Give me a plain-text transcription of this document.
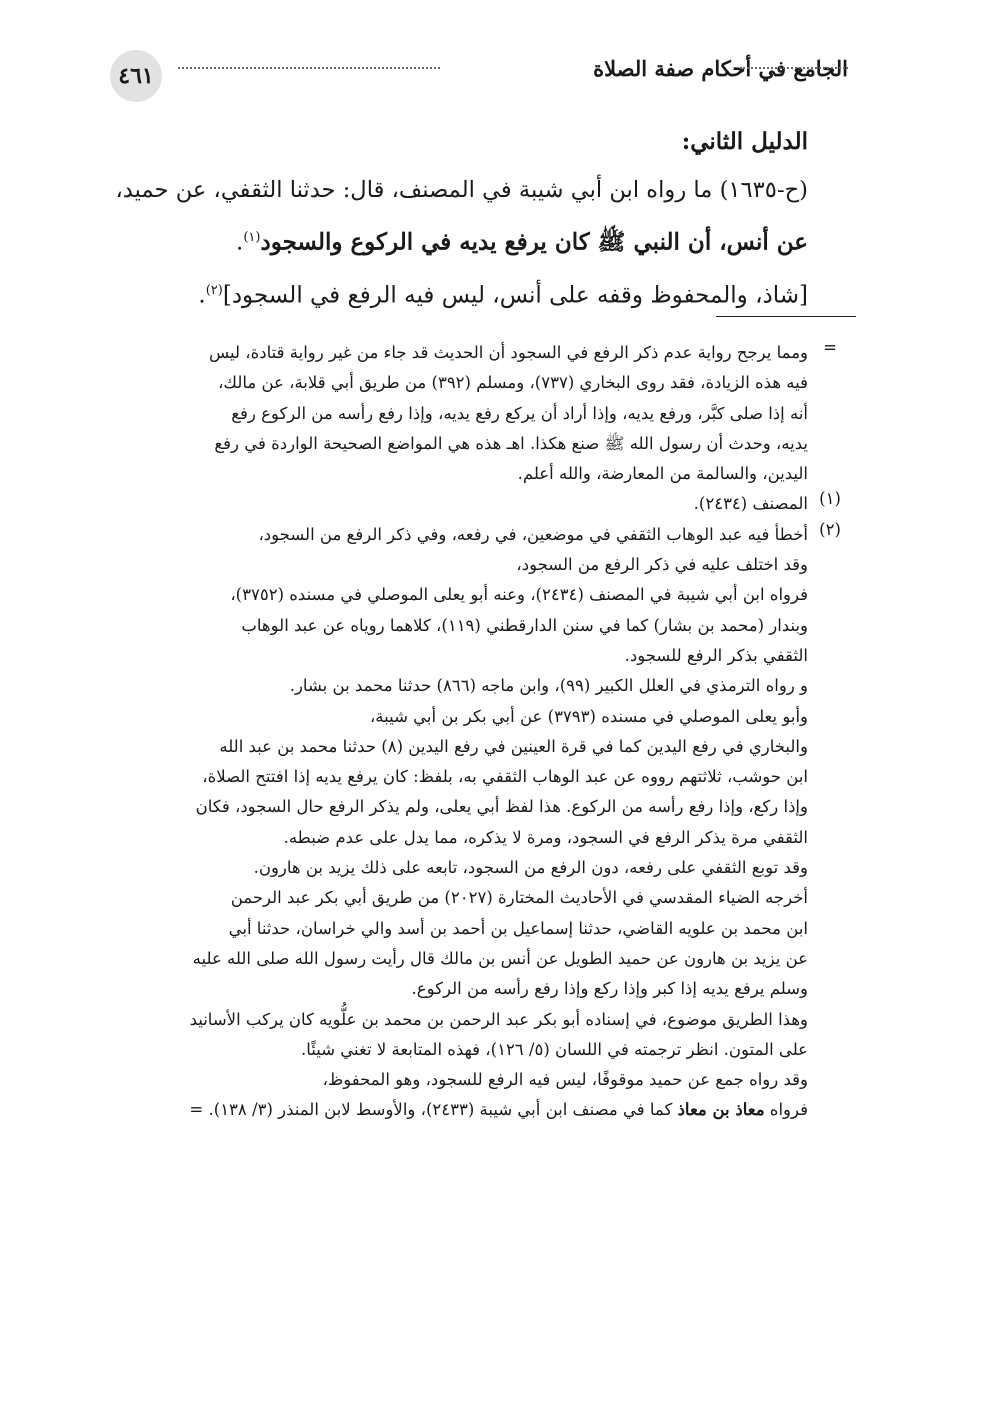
٤٦١	الجامع في أحكام صفة الصلاة
الدليل الثاني:
(ح-١٦٣٥) ما رواه ابن أبي شيبة في المصنف، قال: حدثنا الثقفي، عن حميد،
عن أنس، أن النبي ﷺ كان يرفع يديه في الركوع والسجود$^{(١)}$.
[شاذ، والمحفوظ وقفه على أنس، ليس فيه الرفع في السجود]$^{(٢)}$.
=
ومما يرجح رواية عدم ذكر الرفع في السجود أن الحديث قد جاء من غير رواية قتادة، ليس
فيه هذه الزيادة، فقد روى البخاري (٧٣٧)، ومسلم (٣٩٢) من طريق أبي قلابة، عن مالك،
أنه إذا صلى كبَّر، ورفع يديه، وإذا أراد أن يركع رفع يديه، وإذا رفع رأسه من الركوع رفع
يديه، وحدث أن رسول الله ﷺ صنع هكذا. اهـ هذه هي المواضع الصحيحة الواردة في رفع
اليدين، والسالمة من المعارضة، والله أعلم.
(١)
المصنف (٢٤٣٤).
(٢)
أخطأ فيه عبد الوهاب الثقفي في موضعين، في رفعه، وفي ذكر الرفع من السجود،
وقد اختلف عليه في ذكر الرفع من السجود،
فرواه ابن أبي شيبة في المصنف (٢٤٣٤)، وعنه أبو يعلى الموصلي في مسنده (٣٧٥٢)،
وبندار (محمد بن بشار) كما في سنن الدارقطني (١١٩)، كلاهما روياه عن عبد الوهاب
الثقفي بذكر الرفع للسجود.
و رواه الترمذي في العلل الكبير (٩٩)، وابن ماجه (٨٦٦) حدثنا محمد بن بشار.
وأبو يعلى الموصلي في مسنده (٣٧٩٣) عن أبي بكر بن أبي شيبة،
والبخاري في رفع اليدين كما في قرة العينين في رفع اليدين (٨) حدثنا محمد بن عبد الله
ابن حوشب، ثلاثتهم رووه عن عبد الوهاب الثقفي به، بلفظ: كان يرفع يديه إذا افتتح الصلاة،
وإذا ركع، وإذا رفع رأسه من الركوع. هذا لفظ أبي يعلى، ولم يذكر الرفع حال السجود، فكان
الثقفي مرة يذكر الرفع في السجود، ومرة لا يذكره، مما يدل على عدم ضبطه.
وقد توبع الثقفي على رفعه، دون الرفع من السجود، تابعه على ذلك يزيد بن هارون.
أخرجه الضياء المقدسي في الأحاديث المختارة (٢٠٢٧) من طريق أبي بكر عبد الرحمن
ابن محمد بن علويه القاضي، حدثنا إسماعيل بن أحمد بن أسد والي خراسان، حدثنا أبي
عن يزيد بن هارون عن حميد الطويل عن أنس بن مالك قال رأيت رسول الله صلى الله عليه
وسلم يرفع يديه إذا كبر وإذا ركع وإذا رفع رأسه من الركوع.
وهذا الطريق موضوع، في إسناده أبو بكر عبد الرحمن بن محمد بن علُّويه كان يركب الأسانيد
على المتون. انظر ترجمته في اللسان (٥/ ١٢٦)، فهذه المتابعة لا تغني شيئًا.
وقد رواه جمع عن حميد موقوفًا، ليس فيه الرفع للسجود، وهو المحفوظ،
فرواه معاذ بن معاذ كما في مصنف ابن أبي شيبة (٢٤٣٣)، والأوسط لابن المنذر (٣/ ١٣٨). =
